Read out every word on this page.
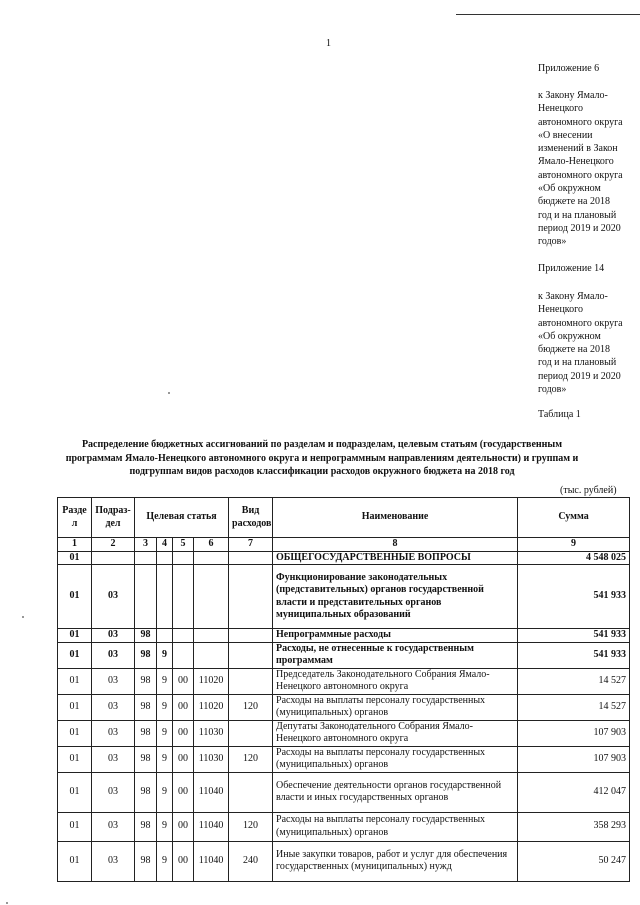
1
Приложение 6
к Закону Ямало-
Ненецкого
автономного округа
«О внесении
изменений в Закон
Ямало-Ненецкого
автономного округа
«Об окружном
бюджете на 2018
год и на плановый
период 2019 и 2020
годов»
Приложение 14
к Закону Ямало-
Ненецкого
автономного округа
«Об окружном
бюджете на 2018
год и на плановый
период 2019 и 2020
годов»
Таблица 1
Распределение бюджетных ассигнований по разделам и подразделам, целевым статьям (государственным программам Ямало-Ненецкого автономного округа и непрограммным направлениям деятельности) и группам и подгруппам видов расходов классификации расходов окружного бюджета на 2018 год
(тыс. рублей)
Разде л	Подраз- дел	Целевая статья				Вид расходов	Наименование	Сумма
1	2	3	4	5	6	7	8	9
01							ОБЩЕГОСУДАРСТВЕННЫЕ ВОПРОСЫ	4 548 025
01	03						Функционирование законодательных (представительных) органов государственной власти и представительных органов муниципальных образований	541 933
01	03	98					Непрограммные расходы	541 933
01	03	98	9				Расходы, не отнесенные к государственным программам	541 933
01	03	98	9	00	11020		Председатель Законодательного Собрания Ямало-Ненецкого автономного округа	14 527
01	03	98	9	00	11020	120	Расходы на выплаты персоналу государственных (муниципальных) органов	14 527
01	03	98	9	00	11030		Депутаты Законодательного Собрания Ямало-Ненецкого автономного округа	107 903
01	03	98	9	00	11030	120	Расходы на выплаты персоналу государственных (муниципальных) органов	107 903
01	03	98	9	00	11040		Обеспечение деятельности органов государственной власти и иных государственных органов	412 047
01	03	98	9	00	11040	120	Расходы на выплаты персоналу государственных (муниципальных) органов	358 293
01	03	98	9	00	11040	240	Иные закупки товаров, работ и услуг для обеспечения государственных (муниципальных) нужд	50 247
